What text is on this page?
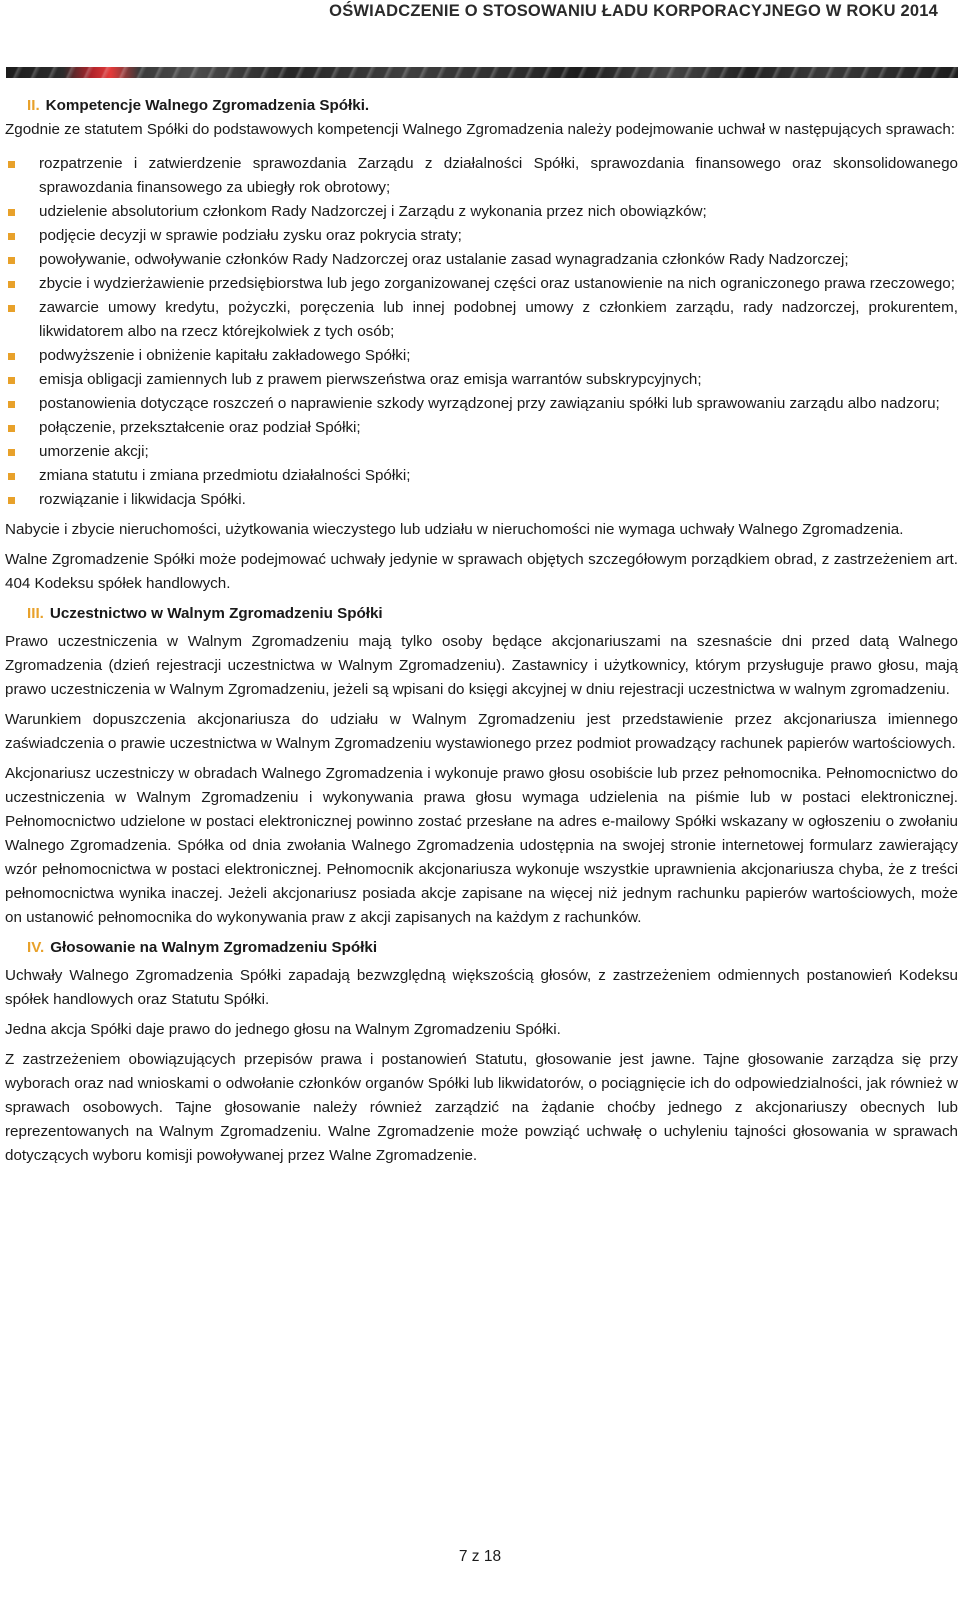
OŚWIADCZENIE O STOSOWANIU ŁADU KORPORACYJNEGO W ROKU 2014
II. Kompetencje Walnego Zgromadzenia Spółki.

Zgodnie ze statutem Spółki do podstawowych kompetencji Walnego Zgromadzenia należy podejmowanie uchwał w następujących sprawach:

rozpatrzenie i zatwierdzenie sprawozdania Zarządu z działalności Spółki, sprawozdania finansowego oraz skonsolidowanego sprawozdania finansowego za ubiegły rok obrotowy;
udzielenie absolutorium członkom Rady Nadzorczej i Zarządu z wykonania przez nich obowiązków;
podjęcie decyzji w sprawie podziału zysku oraz pokrycia straty;
powoływanie, odwoływanie członków Rady Nadzorczej oraz ustalanie zasad wynagradzania członków Rady Nadzorczej;
zbycie i wydzierżawienie przedsiębiorstwa lub jego zorganizowanej części oraz ustanowienie na nich ograniczonego prawa rzeczowego;
zawarcie umowy kredytu, pożyczki, poręczenia lub innej podobnej umowy z członkiem zarządu, rady nadzorczej, prokurentem, likwidatorem albo na rzecz którejkolwiek z tych osób;
podwyższenie i obniżenie kapitału zakładowego Spółki;
emisja obligacji zamiennych lub z prawem pierwszeństwa oraz emisja warrantów subskrypcyjnych;
postanowienia dotyczące roszczeń o naprawienie szkody wyrządzonej przy zawiązaniu spółki lub sprawowaniu zarządu albo nadzoru;
połączenie, przekształcenie oraz podział Spółki;
umorzenie akcji;
zmiana statutu i zmiana przedmiotu działalności Spółki;
rozwiązanie i likwidacja Spółki.

Nabycie i zbycie nieruchomości, użytkowania wieczystego lub udziału w nieruchomości nie wymaga uchwały Walnego Zgromadzenia.

Walne Zgromadzenie Spółki może podejmować uchwały jedynie w sprawach objętych szczegółowym porządkiem obrad, z zastrzeżeniem art. 404 Kodeksu spółek handlowych.

III. Uczestnictwo w Walnym Zgromadzeniu Spółki

Prawo uczestniczenia w Walnym Zgromadzeniu mają tylko osoby będące akcjonariuszami na szesnaście dni przed datą Walnego Zgromadzenia (dzień rejestracji uczestnictwa w Walnym Zgromadzeniu). Zastawnicy i użytkownicy, którym przysługuje prawo głosu, mają prawo uczestniczenia w Walnym Zgromadzeniu, jeżeli są wpisani do księgi akcyjnej w dniu rejestracji uczestnictwa w walnym zgromadzeniu.

Warunkiem dopuszczenia akcjonariusza do udziału w Walnym Zgromadzeniu jest przedstawienie przez akcjonariusza imiennego zaświadczenia o prawie uczestnictwa w Walnym Zgromadzeniu wystawionego przez podmiot prowadzący rachunek papierów wartościowych.

Akcjonariusz uczestniczy w obradach Walnego Zgromadzenia i wykonuje prawo głosu osobiście lub przez pełnomocnika. Pełnomocnictwo do uczestniczenia w Walnym Zgromadzeniu i wykonywania prawa głosu wymaga udzielenia na piśmie lub w postaci elektronicznej. Pełnomocnictwo udzielone w postaci elektronicznej powinno zostać przesłane na adres e-mailowy Spółki wskazany w ogłoszeniu o zwołaniu Walnego Zgromadzenia. Spółka od dnia zwołania Walnego Zgromadzenia udostępnia na swojej stronie internetowej formularz zawierający wzór pełnomocnictwa w postaci elektronicznej. Pełnomocnik akcjonariusza wykonuje wszystkie uprawnienia akcjonariusza chyba, że z treści pełnomocnictwa wynika inaczej. Jeżeli akcjonariusz posiada akcje zapisane na więcej niż jednym rachunku papierów wartościowych, może on ustanowić pełnomocnika do wykonywania praw z akcji zapisanych na każdym z rachunków.

IV. Głosowanie na Walnym Zgromadzeniu Spółki

Uchwały Walnego Zgromadzenia Spółki zapadają bezwzględną większością głosów, z zastrzeżeniem odmiennych postanowień Kodeksu spółek handlowych oraz Statutu Spółki.

Jedna akcja Spółki daje prawo do jednego głosu na Walnym Zgromadzeniu Spółki.

Z zastrzeżeniem obowiązujących przepisów prawa i postanowień Statutu, głosowanie jest jawne. Tajne głosowanie zarządza się przy wyborach oraz nad wnioskami o odwołanie członków organów Spółki lub likwidatorów, o pociągnięcie ich do odpowiedzialności, jak również w sprawach osobowych. Tajne głosowanie należy również zarządzić na żądanie choćby jednego z akcjonariuszy obecnych lub reprezentowanych na Walnym Zgromadzeniu. Walne Zgromadzenie może powziąć uchwałę o uchyleniu tajności głosowania w sprawach dotyczących wyboru komisji powoływanej przez Walne Zgromadzenie.

7 z 18
